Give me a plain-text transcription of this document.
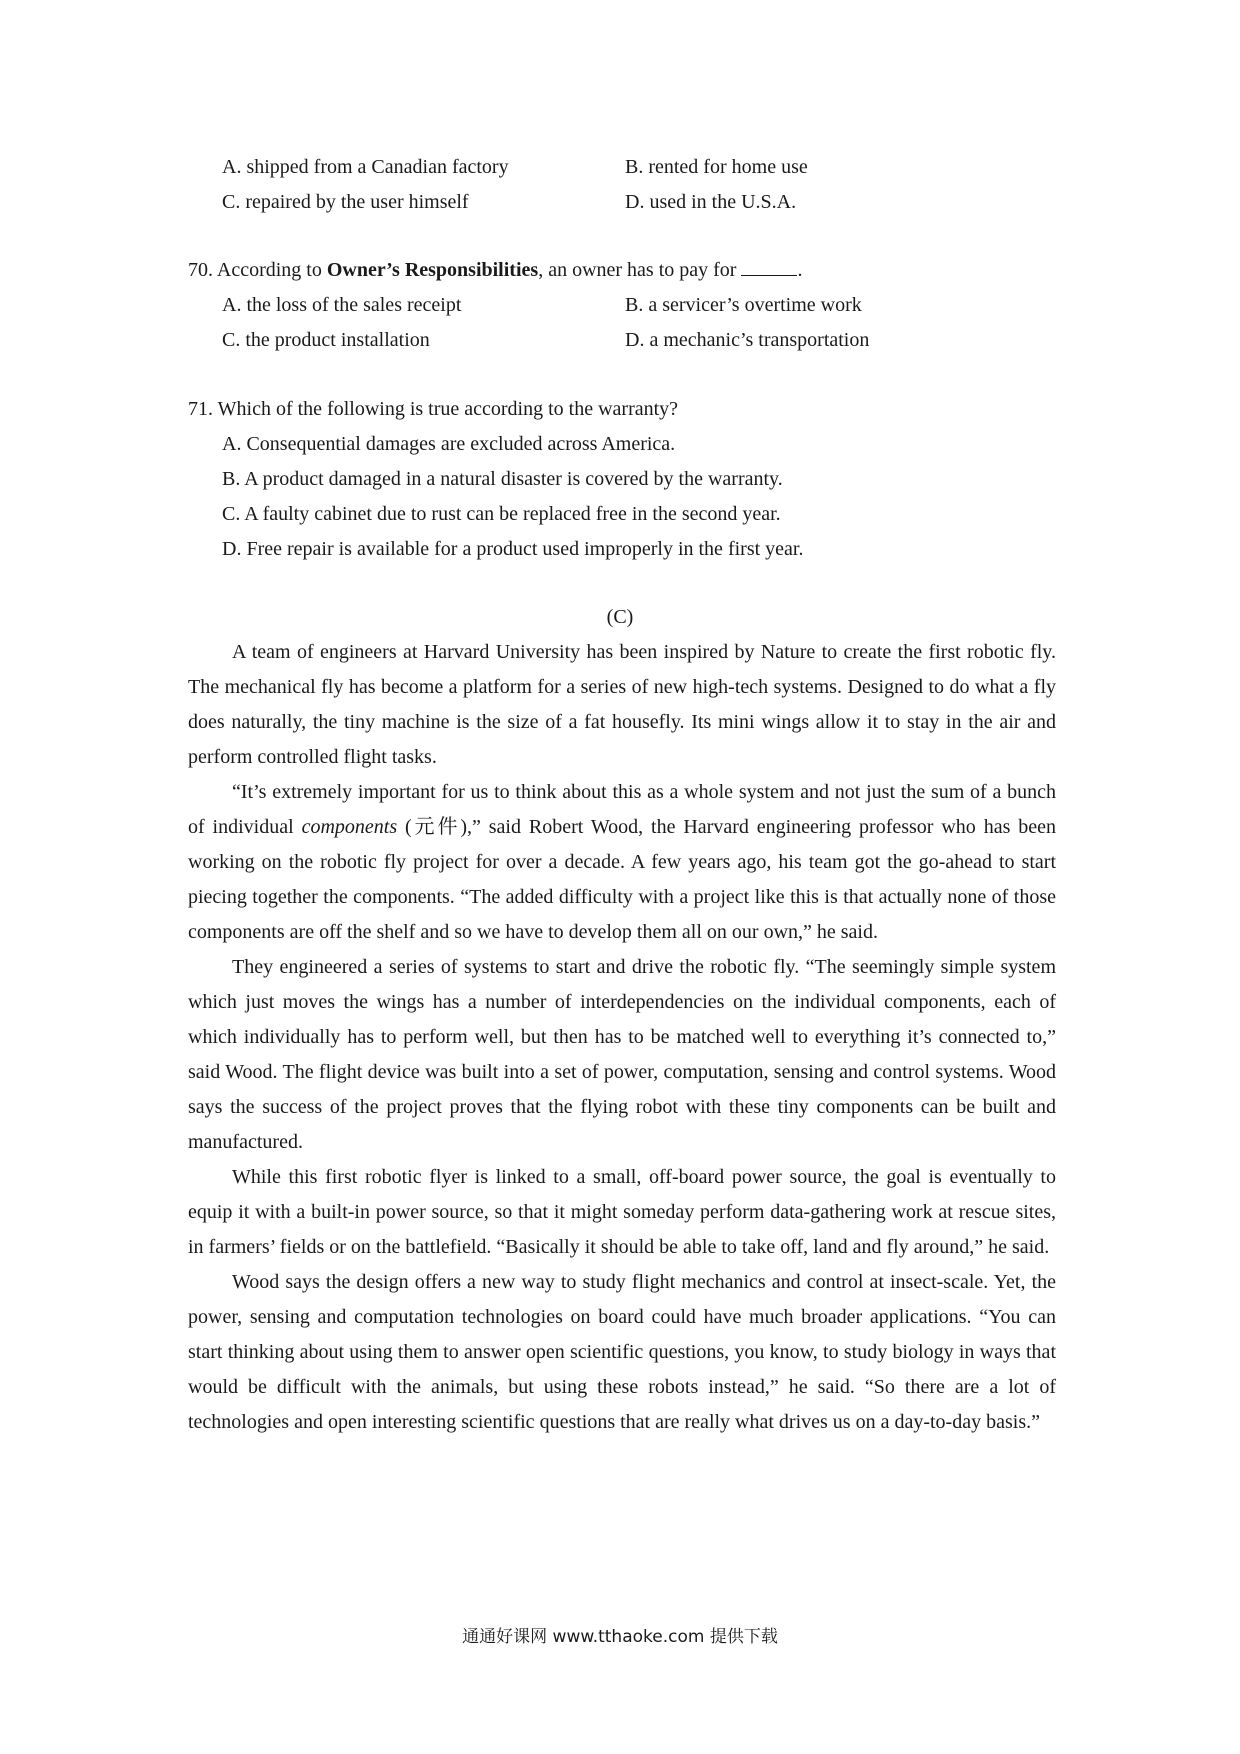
A. shipped from a Canadian factory	B. rented for home use
C. repaired by the user himself	D. used in the U.S.A.
70. According to Owner’s Responsibilities, an owner has to pay for	.
A. the loss of the sales receipt	B. a servicer’s overtime work
C. the product installation	D. a mechanic’s transportation
71. Which of the following is true according to the warranty?
A. Consequential damages are excluded across America.
B. A product damaged in a natural disaster is covered by the warranty.
C. A faulty cabinet due to rust can be replaced free in the second year.
D. Free repair is available for a product used improperly in the first year.
(C)

A team of engineers at Harvard University has been inspired by Nature to create the first robotic fly. The mechanical fly has become a platform for a series of new high-tech systems. Designed to do what a fly does naturally, the tiny machine is the size of a fat housefly. Its mini wings allow it to stay in the air and perform controlled flight tasks.

“It’s extremely important for us to think about this as a whole system and not just the sum of a bunch of individual components (元件),” said Robert Wood, the Harvard engineering professor who has been working on the robotic fly project for over a decade. A few years ago, his team got the go-ahead to start piecing together the components. “The added difficulty with a project like this is that actually none of those components are off the shelf and so we have to develop them all on our own,” he said.

They engineered a series of systems to start and drive the robotic fly. “The seemingly simple system which just moves the wings has a number of interdependencies on the individual components, each of which individually has to perform well, but then has to be matched well to everything it’s connected to,” said Wood. The flight device was built into a set of power, computation, sensing and control systems. Wood says the success of the project proves that the flying robot with these tiny components can be built and manufactured.

While this first robotic flyer is linked to a small, off-board power source, the goal is eventually to equip it with a built-in power source, so that it might someday perform data-gathering work at rescue sites, in farmers’ fields or on the battlefield. “Basically it should be able to take off, land and fly around,” he said.

Wood says the design offers a new way to study flight mechanics and control at insect-scale. Yet, the power, sensing and computation technologies on board could have much broader applications. “You can start thinking about using them to answer open scientific questions, you know, to study biology in ways that would be difficult with the animals, but using these robots instead,” he said. “So there are a lot of technologies and open interesting scientific questions that are really what drives us on a day-to-day basis.”

通通好课网 www.tthaoke.com 提供下载
